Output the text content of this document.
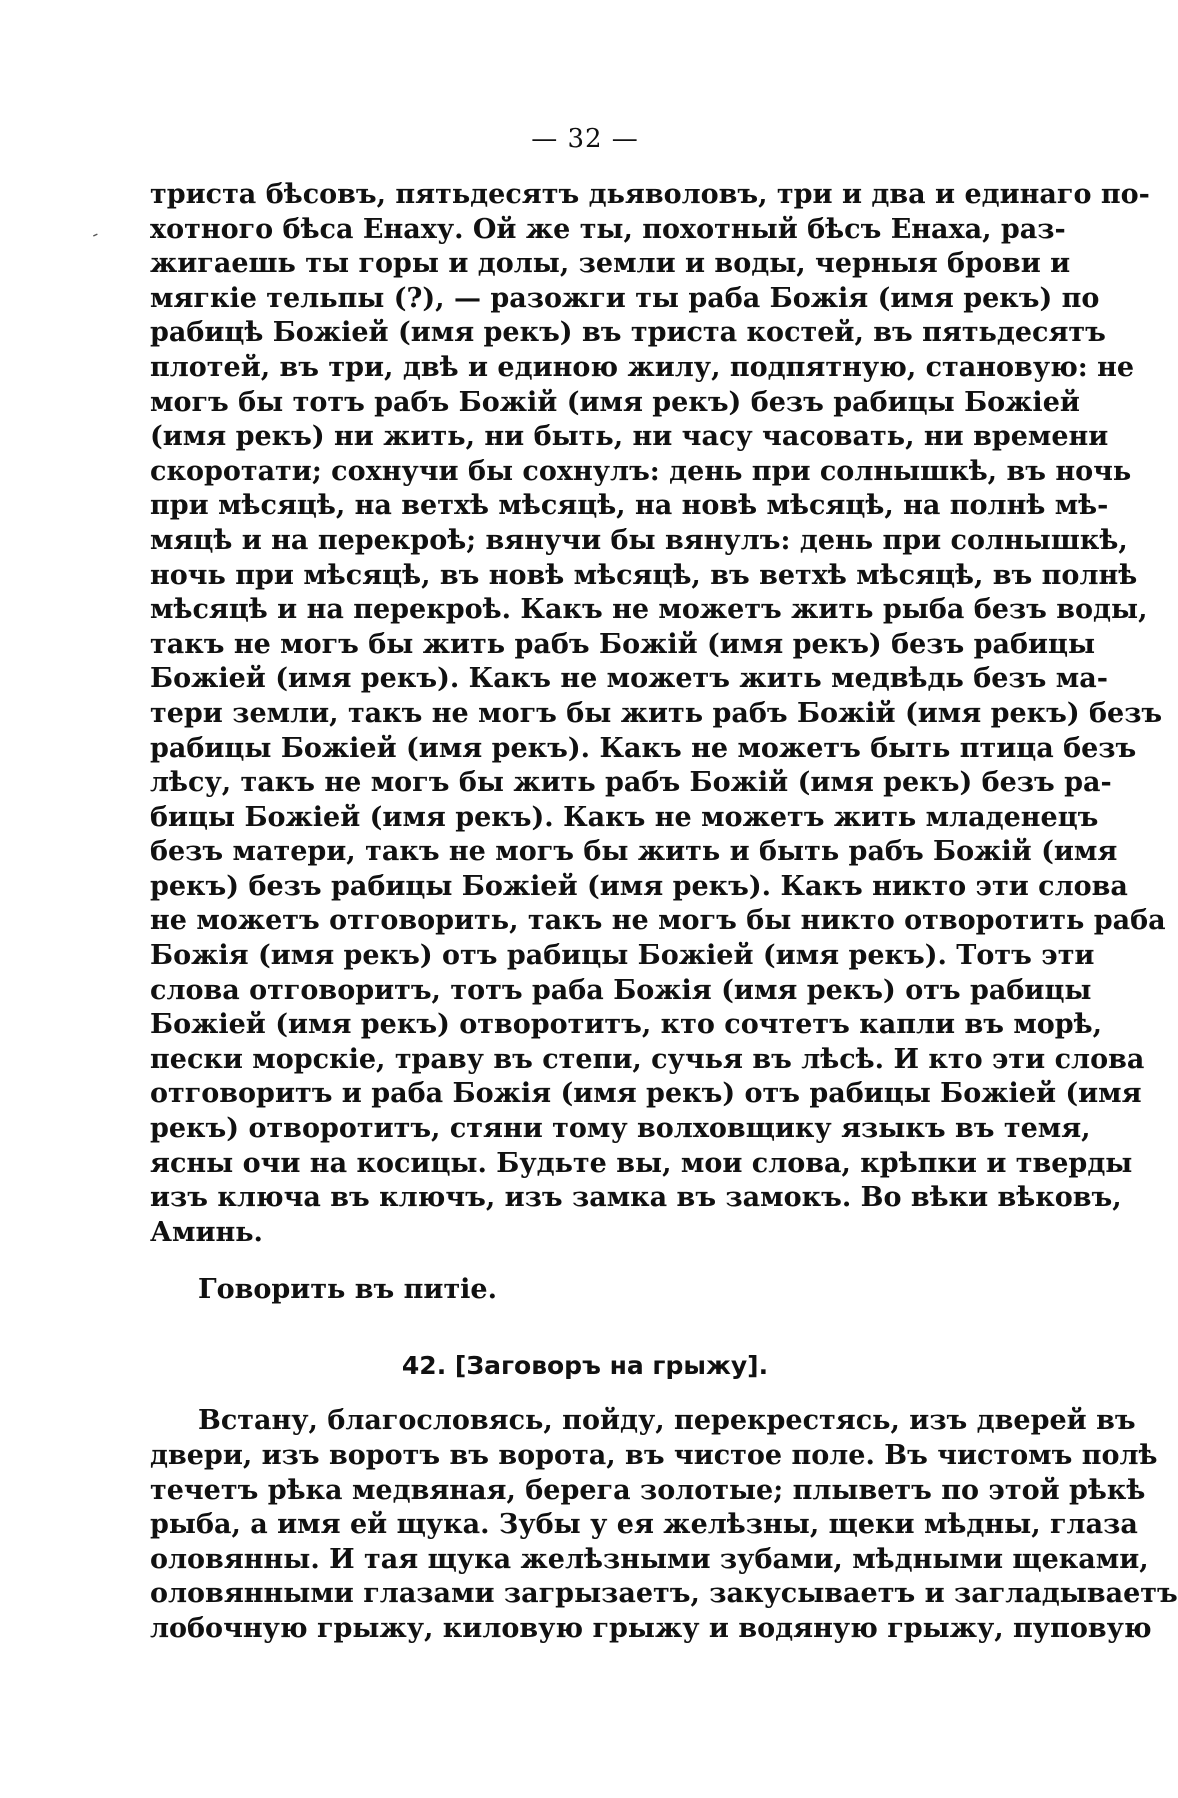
-
— 32 —
триста бѣсовъ, пятьдесятъ дьяволовъ, три и два и единаго по-
хотного бѣса Енаху. Ой же ты, похотный бѣсъ Енаха, раз-
жигаешь ты горы и долы, земли и воды, черныя брови и
мягкіе тельпы (?), — разожги ты раба Божія (имя рекъ) по
рабицѣ Божіей (имя рекъ) въ триста костей, въ пятьдесятъ
плотей, въ три, двѣ и единою жилу, подпятную, становую: не
могъ бы тотъ рабъ Божій (имя рекъ) безъ рабицы Божіей
(имя рекъ) ни жить, ни быть, ни часу часовать, ни времени
скоротати; сохнучи бы сохнулъ: день при солнышкѣ, въ ночь
при мѣсяцѣ, на ветхѣ мѣсяцѣ, на новѣ мѣсяцѣ, на полнѣ мѣ-
мяцѣ и на перекроѣ; вянучи бы вянулъ: день при солнышкѣ,
ночь при мѣсяцѣ, въ новѣ мѣсяцѣ, въ ветхѣ мѣсяцѣ, въ полнѣ
мѣсяцѣ и на перекроѣ. Какъ не можетъ жить рыба безъ воды,
такъ не могъ бы жить рабъ Божій (имя рекъ) безъ рабицы
Божіей (имя рекъ). Какъ не можетъ жить медвѣдь безъ ма-
тери земли, такъ не могъ бы жить рабъ Божій (имя рекъ) безъ
рабицы Божіей (имя рекъ). Какъ не можетъ быть птица безъ
лѣсу, такъ не могъ бы жить рабъ Божій (имя рекъ) безъ ра-
бицы Божіей (имя рекъ). Какъ не можетъ жить младенецъ
безъ матери, такъ не могъ бы жить и быть рабъ Божій (имя
рекъ) безъ рабицы Божіей (имя рекъ). Какъ никто эти слова
не можетъ отговорить, такъ не могъ бы никто отворотить раба
Божія (имя рекъ) отъ рабицы Божіей (имя рекъ). Тотъ эти
слова отговоритъ, тотъ раба Божія (имя рекъ) отъ рабицы
Божіей (имя рекъ) отворотитъ, кто сочтетъ капли въ морѣ,
пески морскіе, траву въ степи, сучья въ лѣсѣ. И кто эти слова
отговоритъ и раба Божія (имя рекъ) отъ рабицы Божіей (имя
рекъ) отворотитъ, стяни тому волховщику языкъ въ темя,
ясны очи на косицы. Будьте вы, мои слова, крѣпки и тверды
изъ ключа въ ключъ, изъ замка въ замокъ. Во вѣки вѣковъ,
Аминь.
Говорить въ питіе.
42. [Заговоръ на грыжу].
Встану, благословясь, пойду, перекрестясь, изъ дверей въ
двери, изъ воротъ въ ворота, въ чистое поле. Въ чистомъ полѣ
течетъ рѣка медвяная, берега золотые; плыветъ по этой рѣкѣ
рыба, а имя ей щука. Зубы у ея желѣзны, щеки мѣдны, глаза
оловянны. И тая щука желѣзными зубами, мѣдными щеками,
оловянными глазами загрызаетъ, закусываетъ и загладываетъ
лобочную грыжу, киловую грыжу и водяную грыжу, пуповую
